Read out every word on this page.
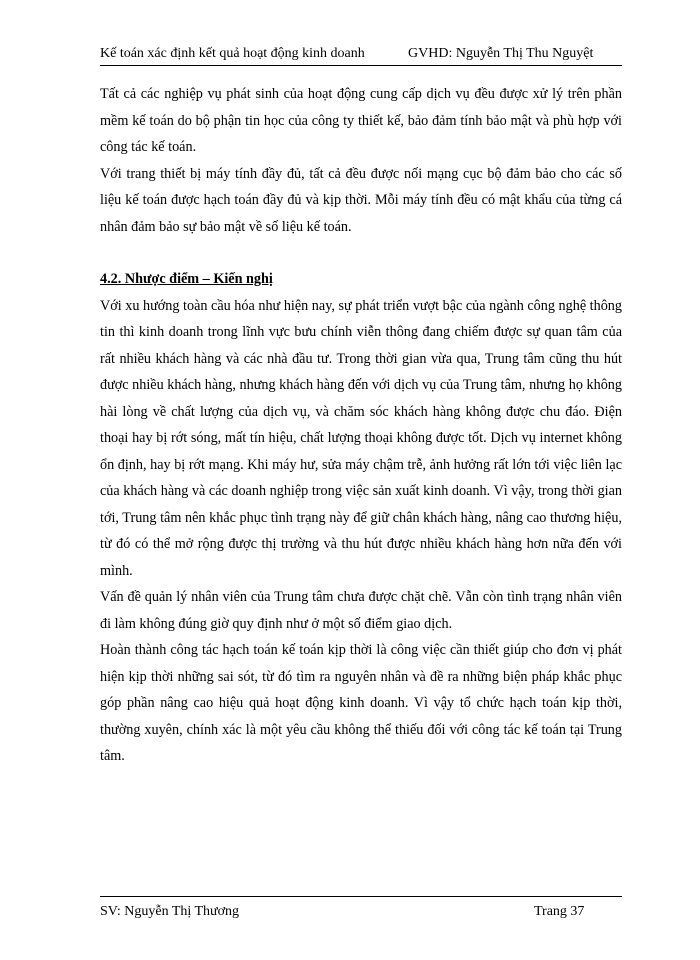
Kế toán xác định kết quả hoạt động kinh doanh	GVHD: Nguyễn Thị Thu Nguyệt

Tất cả các nghiệp vụ phát sinh của hoạt động cung cấp dịch vụ đều được xử lý trên phần mềm kế toán do bộ phận tin học của công ty thiết kế, bảo đảm tính bảo mật và phù hợp với công tác kế toán.

Với trang thiết bị máy tính đầy đủ, tất cả đều được nối mạng cục bộ đảm bảo cho các số liệu kế toán được hạch toán đầy đủ và kịp thời. Mỗi máy tính đều có mật khẩu của từng cá nhân đảm bảo sự bảo mật về số liệu kế toán.

4.2. Nhược điểm – Kiến nghị

Với xu hướng toàn cầu hóa như hiện nay, sự phát triển vượt bậc của ngành công nghệ thông tin thì kinh doanh trong lĩnh vực bưu chính viễn thông đang chiếm được sự quan tâm của rất nhiều khách hàng và các nhà đầu tư. Trong thời gian vừa qua, Trung tâm cũng thu hút được nhiều khách hàng, nhưng khách hàng đến với dịch vụ của Trung tâm, nhưng họ không hài lòng về chất lượng của dịch vụ, và chăm sóc khách hàng không được chu đáo. Điện thoại hay bị rớt sóng, mất tín hiệu, chất lượng thoại không được tốt. Dịch vụ internet không ổn định, hay bị rớt mạng. Khi máy hư, sửa máy chậm trễ, ảnh hưởng rất lớn tới việc liên lạc của khách hàng và các doanh nghiệp trong việc sản xuất kinh doanh. Vì vậy, trong thời gian tới, Trung tâm nên khắc phục tình trạng này để giữ chân khách hàng, nâng cao thương hiệu, từ đó có thể mở rộng được thị trường và thu hút được nhiều khách hàng hơn nữa đến với mình.

Vấn đề quản lý nhân viên của Trung tâm chưa được chặt chẽ. Vẫn còn tình trạng nhân viên đi làm không đúng giờ quy định như ở một số điểm giao dịch.

Hoàn thành công tác hạch toán kế toán kịp thời là công việc cần thiết giúp cho đơn vị phát hiện kịp thời những sai sót, từ đó tìm ra nguyên nhân và đề ra những biện pháp khắc phục góp phần nâng cao hiệu quả hoạt động kinh doanh. Vì vậy tổ chức hạch toán kịp thời, thường xuyên, chính xác là một yêu cầu không thể thiếu đối với công tác kế toán tại Trung tâm.

SV: Nguyễn Thị Thương	Trang 37
